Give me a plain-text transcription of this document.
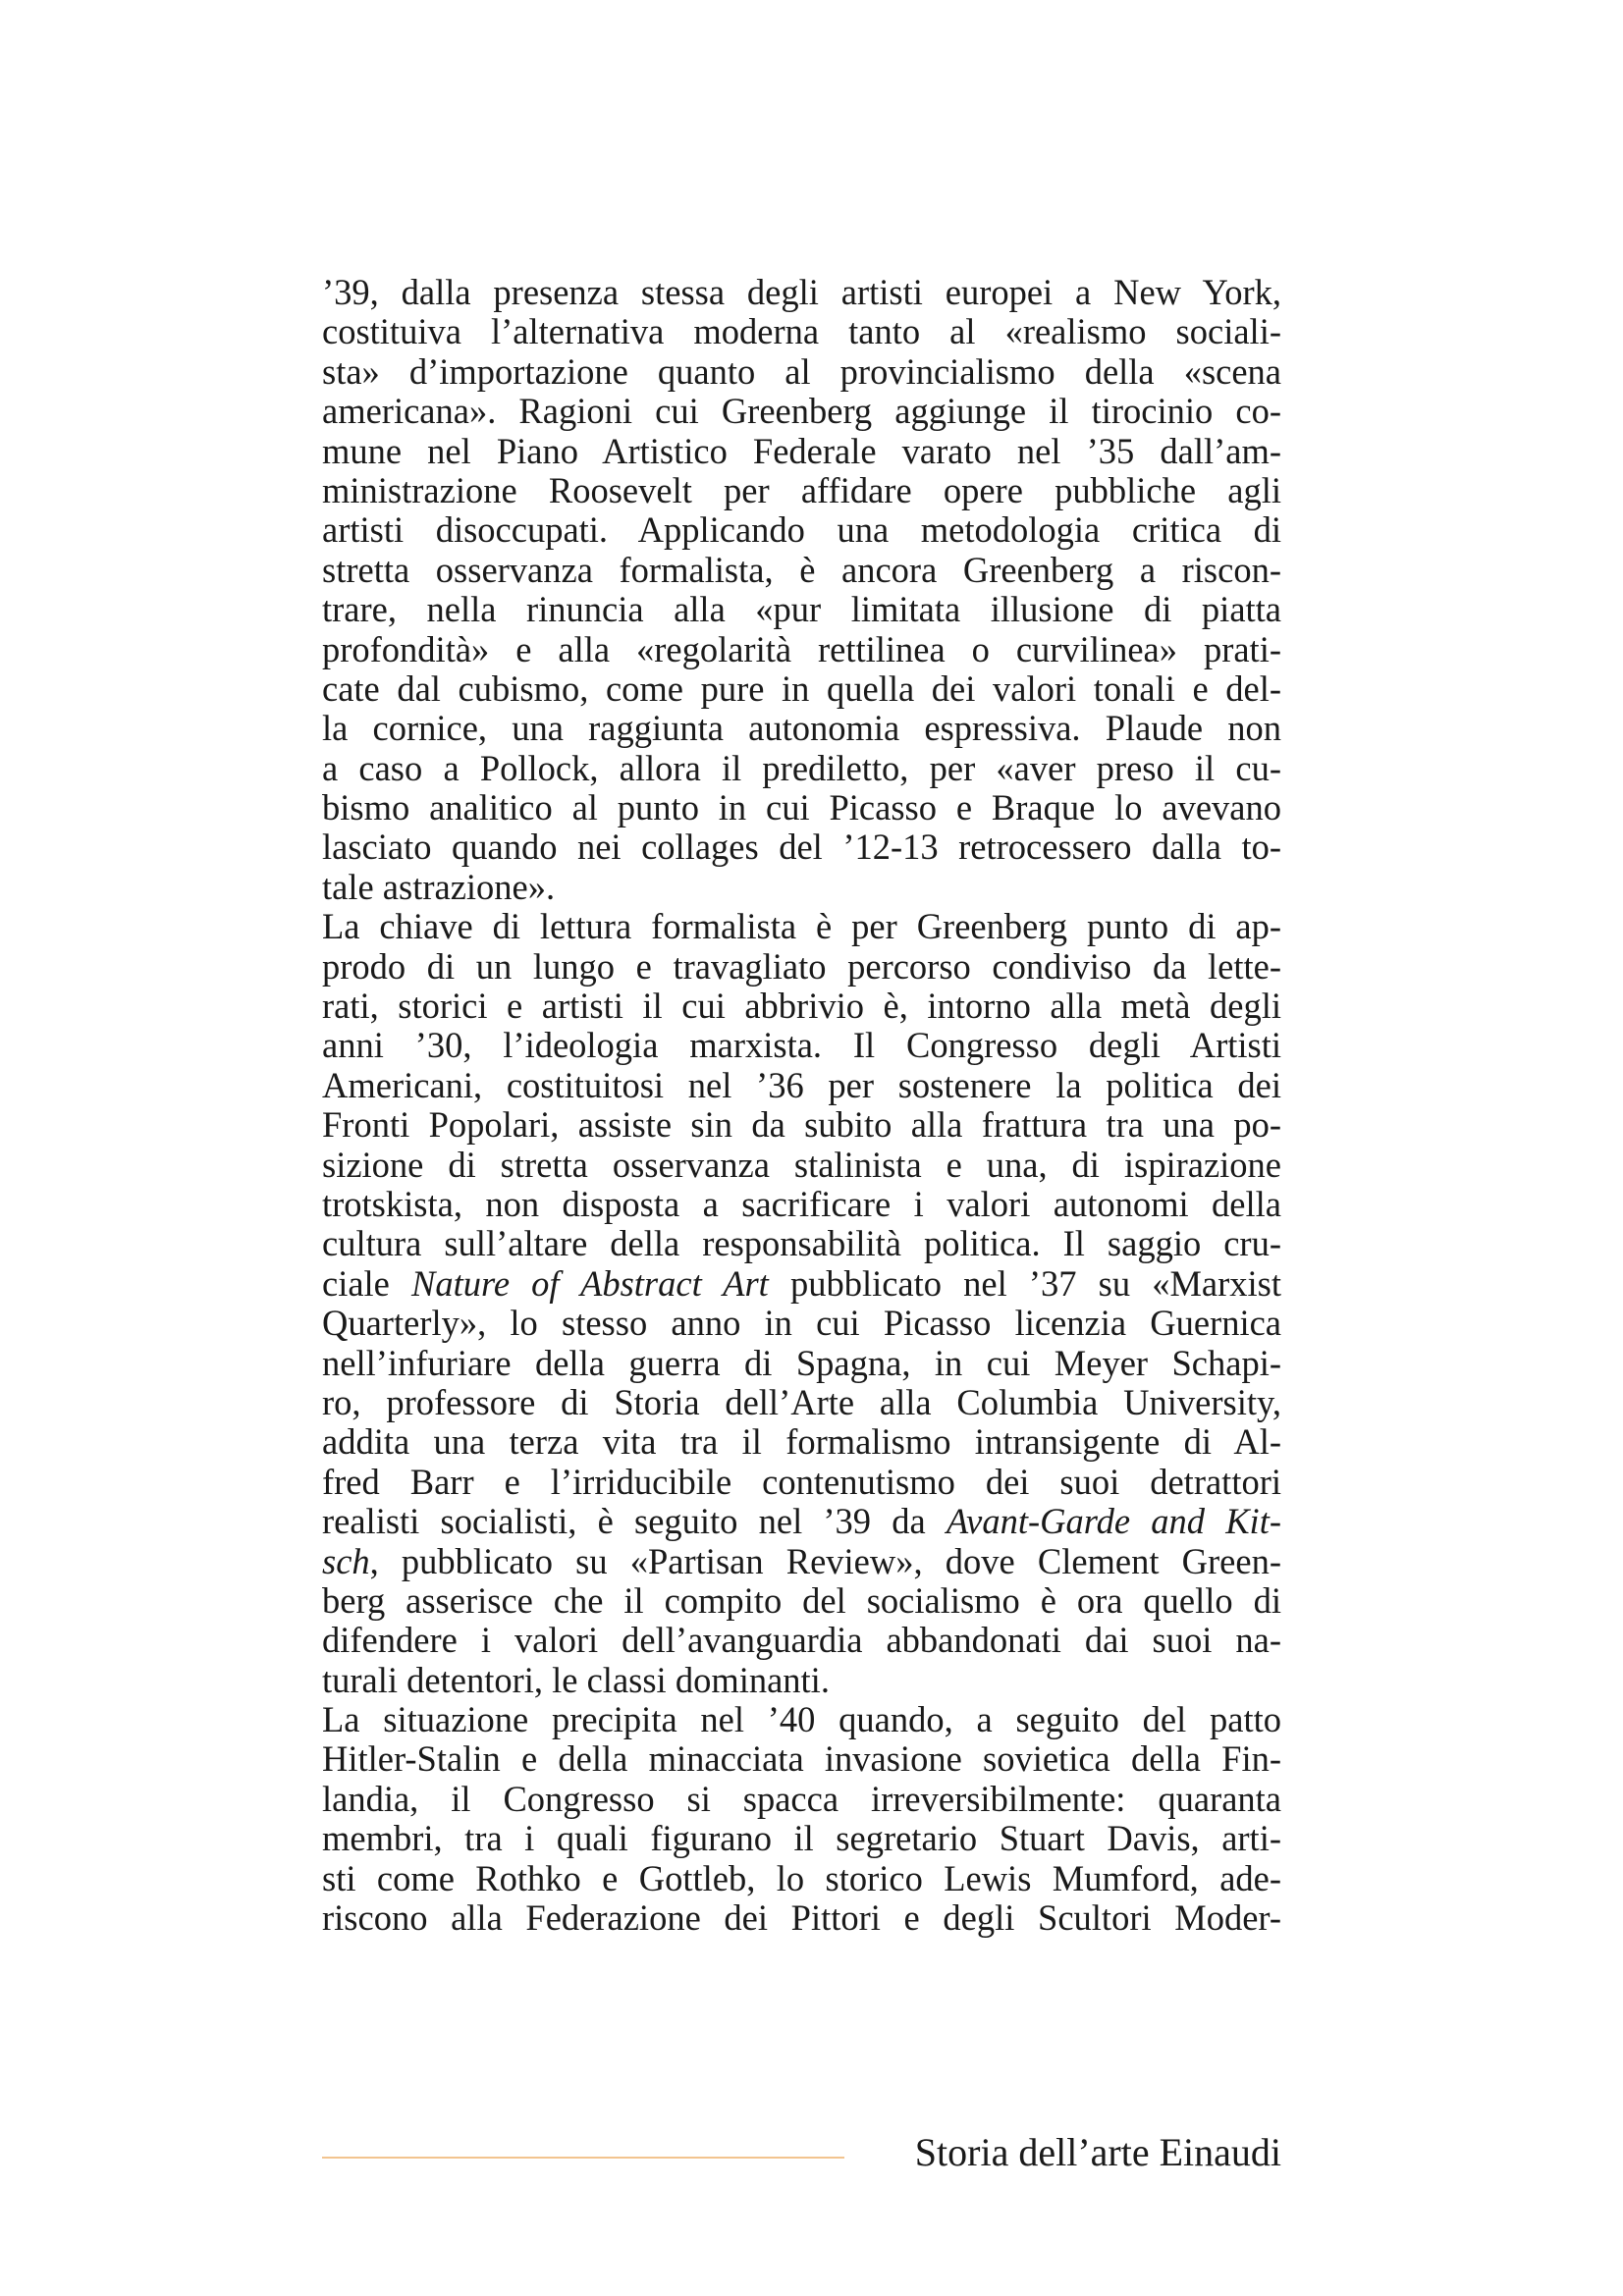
’39, dalla presenza stessa degli artisti europei a New York,
costituiva l’alternativa moderna tanto al «realismo sociali-
sta» d’importazione quanto al provincialismo della «scena
americana». Ragioni cui Greenberg aggiunge il tirocinio co-
mune nel Piano Artistico Federale varato nel ’35 dall’am-
ministrazione Roosevelt per affidare opere pubbliche agli
artisti disoccupati. Applicando una metodologia critica di
stretta osservanza formalista, è ancora Greenberg a riscon-
trare, nella rinuncia alla «pur limitata illusione di piatta
profondità» e alla «regolarità rettilinea o curvilinea» prati-
cate dal cubismo, come pure in quella dei valori tonali e del-
la cornice, una raggiunta autonomia espressiva. Plaude non
a caso a Pollock, allora il prediletto, per «aver preso il cu-
bismo analitico al punto in cui Picasso e Braque lo avevano
lasciato quando nei collages del ’12-13 retrocessero dalla to-
tale astrazione».
La chiave di lettura formalista è per Greenberg punto di ap-
prodo di un lungo e travagliato percorso condiviso da lette-
rati, storici e artisti il cui abbrivio è, intorno alla metà degli
anni ’30, l’ideologia marxista. Il Congresso degli Artisti
Americani, costituitosi nel ’36 per sostenere la politica dei
Fronti Popolari, assiste sin da subito alla frattura tra una po-
sizione di stretta osservanza stalinista e una, di ispirazione
trotskista, non disposta a sacrificare i valori autonomi della
cultura sull’altare della responsabilità politica. Il saggio cru-
ciale Nature of Abstract Art pubblicato nel ’37 su «Marxist
Quarterly», lo stesso anno in cui Picasso licenzia Guernica
nell’infuriare della guerra di Spagna, in cui Meyer Schapi-
ro, professore di Storia dell’Arte alla Columbia University,
addita una terza vita tra il formalismo intransigente di Al-
fred Barr e l’irriducibile contenutismo dei suoi detrattori
realisti socialisti, è seguito nel ’39 da Avant-Garde and Kit-
sch, pubblicato su «Partisan Review», dove Clement Green-
berg asserisce che il compito del socialismo è ora quello di
difendere i valori dell’avanguardia abbandonati dai suoi na-
turali detentori, le classi dominanti.
La situazione precipita nel ’40 quando, a seguito del patto
Hitler-Stalin e della minacciata invasione sovietica della Fin-
landia, il Congresso si spacca irreversibilmente: quaranta
membri, tra i quali figurano il segretario Stuart Davis, arti-
sti come Rothko e Gottleb, lo storico Lewis Mumford, ade-
riscono alla Federazione dei Pittori e degli Scultori Moder-
Storia dell’arte Einaudi
